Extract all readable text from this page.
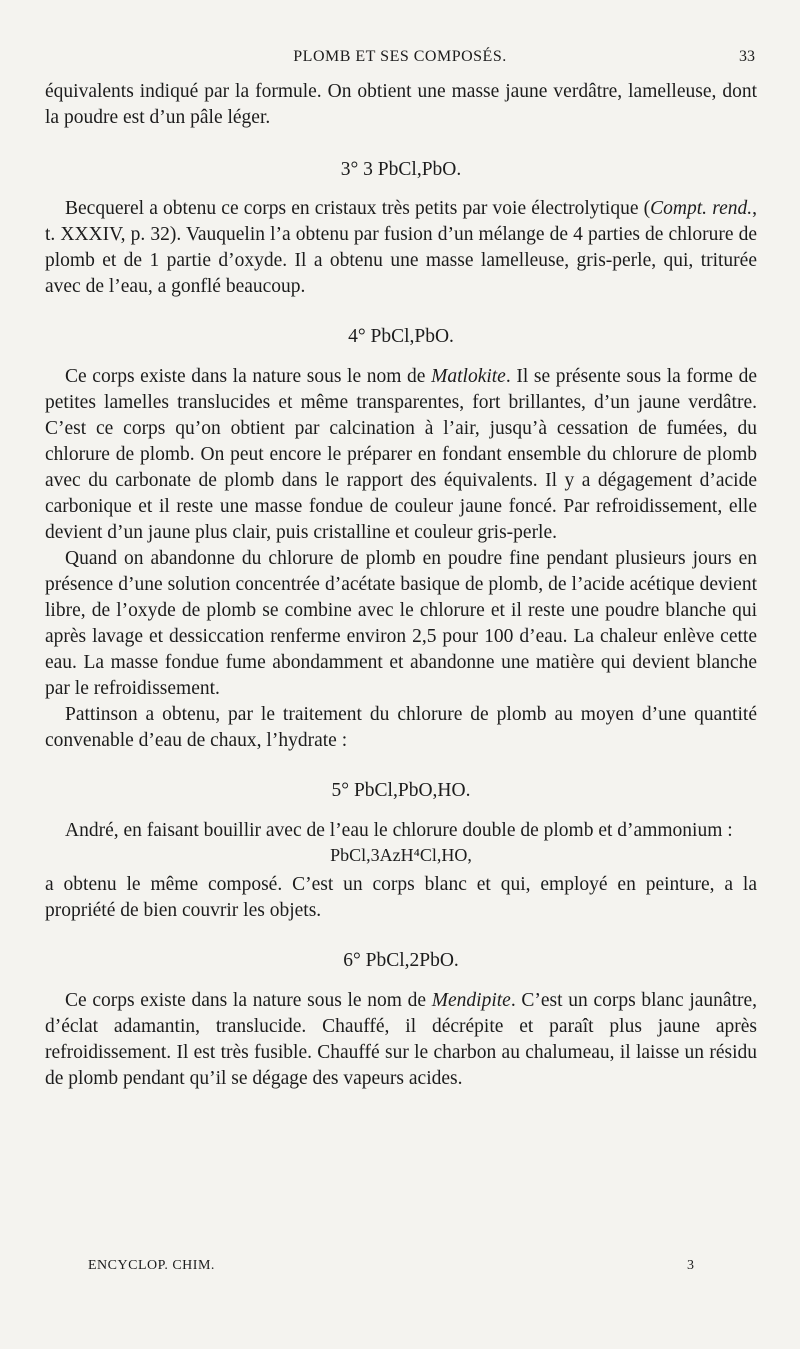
PLOMB ET SES COMPOSÉS.	33

équivalents indiqué par la formule. On obtient une masse jaune verdâtre, lamelleuse, dont la poudre est d’un pâle léger.

3° 3 PbCl,PbO.

Becquerel a obtenu ce corps en cristaux très petits par voie électrolytique (Compt. rend., t. XXXIV, p. 32). Vauquelin l’a obtenu par fusion d’un mélange de 4 parties de chlorure de plomb et de 1 partie d’oxyde. Il a obtenu une masse lamelleuse, gris-perle, qui, triturée avec de l’eau, a gonflé beaucoup.

4° PbCl,PbO.

Ce corps existe dans la nature sous le nom de Matlokite. Il se présente sous la forme de petites lamelles translucides et même transparentes, fort brillantes, d’un jaune verdâtre. C’est ce corps qu’on obtient par calcination à l’air, jusqu’à cessation de fumées, du chlorure de plomb. On peut encore le préparer en fondant ensemble du chlorure de plomb avec du carbonate de plomb dans le rapport des équivalents. Il y a dégagement d’acide carbonique et il reste une masse fondue de couleur jaune foncé. Par refroidissement, elle devient d’un jaune plus clair, puis cristalline et couleur gris-perle.

Quand on abandonne du chlorure de plomb en poudre fine pendant plusieurs jours en présence d’une solution concentrée d’acétate basique de plomb, de l’acide acétique devient libre, de l’oxyde de plomb se combine avec le chlorure et il reste une poudre blanche qui après lavage et dessiccation renferme environ 2,5 pour 100 d’eau. La chaleur enlève cette eau. La masse fondue fume abondamment et abandonne une matière qui devient blanche par le refroidissement.

Pattinson a obtenu, par le traitement du chlorure de plomb au moyen d’une quantité convenable d’eau de chaux, l’hydrate :

5° PbCl,PbO,HO.

André, en faisant bouillir avec de l’eau le chlorure double de plomb et d’ammonium :

PbCl,3AzH⁴Cl,HO,

a obtenu le même composé. C’est un corps blanc et qui, employé en peinture, a la propriété de bien couvrir les objets.

6° PbCl,2PbO.

Ce corps existe dans la nature sous le nom de Mendipite. C’est un corps blanc jaunâtre, d’éclat adamantin, translucide. Chauffé, il décrépite et paraît plus jaune après refroidissement. Il est très fusible. Chauffé sur le charbon au chalumeau, il laisse un résidu de plomb pendant qu’il se dégage des vapeurs acides.

ENCYCLOP. CHIM.	3
